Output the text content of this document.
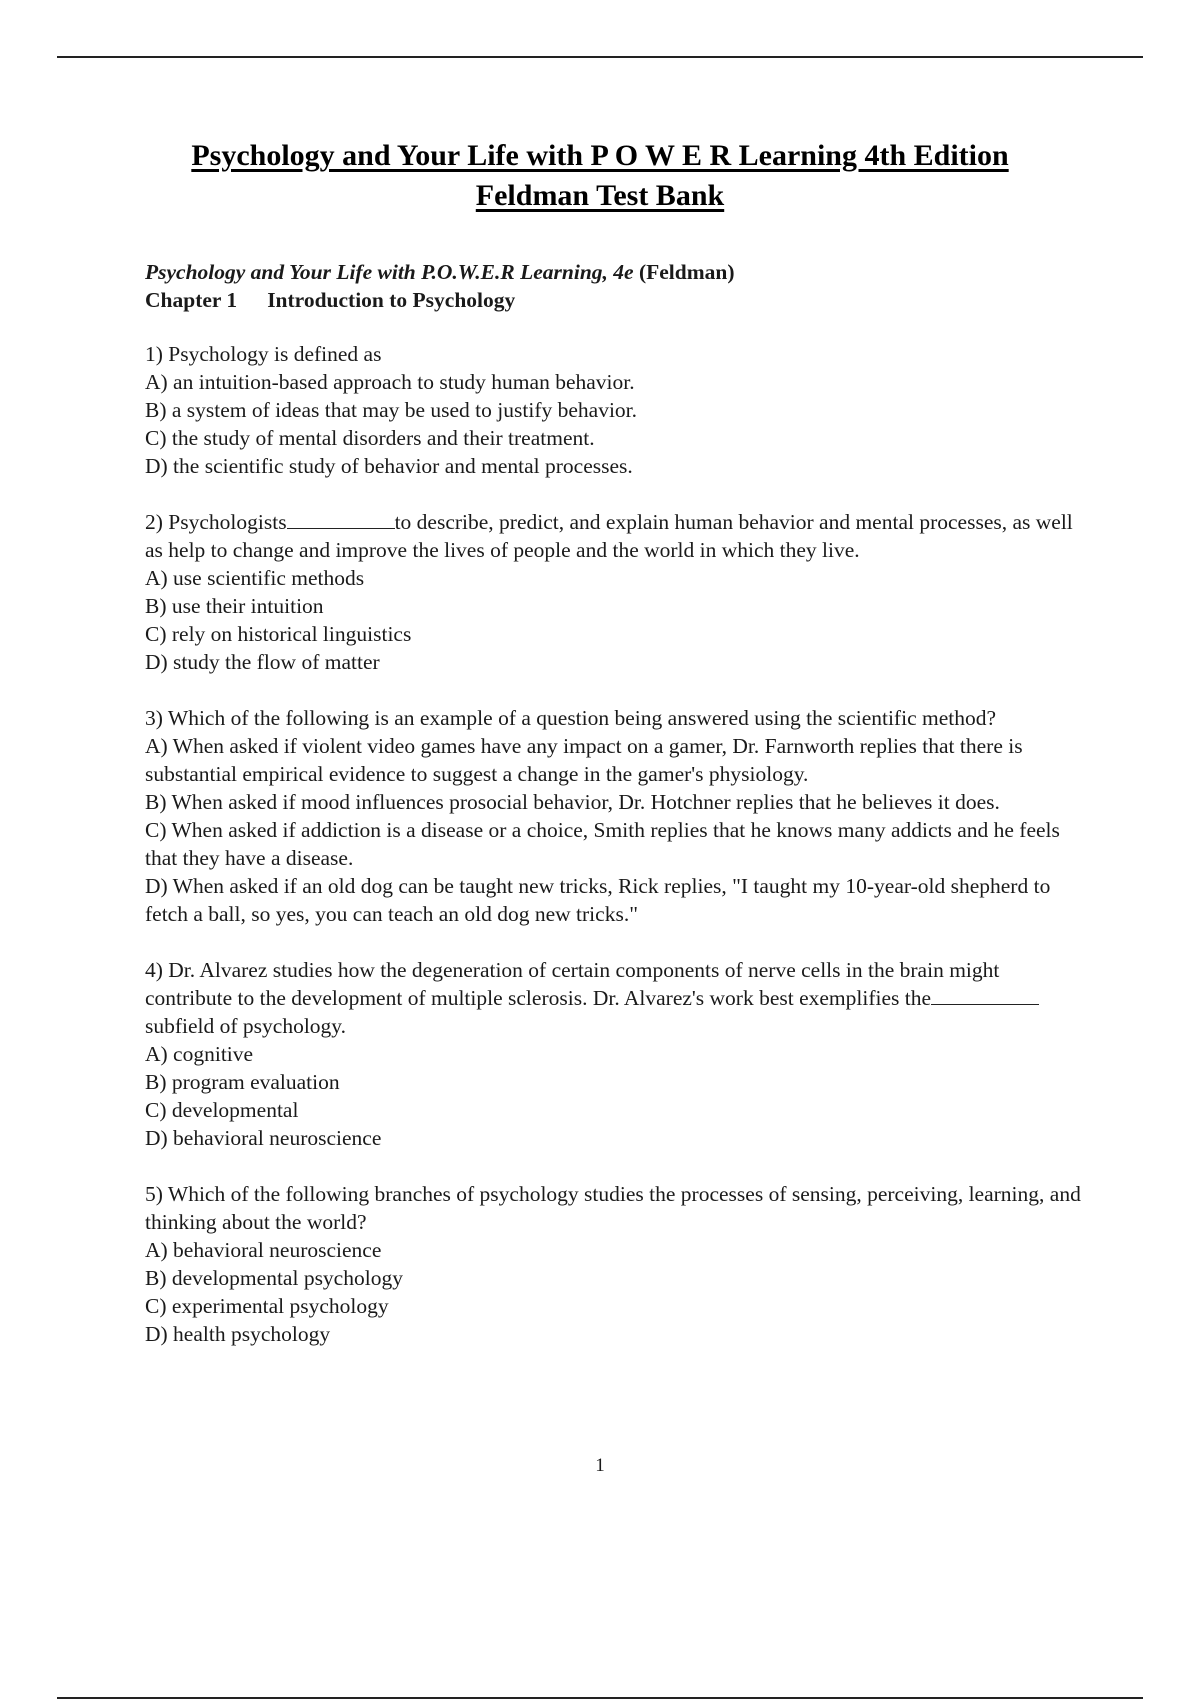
Psychology and Your Life with P O W E R Learning 4th Edition
Feldman Test Bank

Psychology and Your Life with P.O.W.E.R Learning, 4e (Feldman)

Chapter 1 Introduction to Psychology

1) Psychology is defined as

A) an intuition-based approach to study human behavior.

B) a system of ideas that may be used to justify behavior.

C) the study of mental disorders and their treatment.

D) the scientific study of behavior and mental processes.

2) Psychologists	to describe, predict, and explain human behavior and mental processes, as well as help to change and improve the lives of people and the world in which they live.

A) use scientific methods

B) use their intuition

C) rely on historical linguistics

D) study the flow of matter

3) Which of the following is an example of a question being answered using the scientific method?

A) When asked if violent video games have any impact on a gamer, Dr. Farnworth replies that there is substantial empirical evidence to suggest a change in the gamer's physiology.

B) When asked if mood influences prosocial behavior, Dr. Hotchner replies that he believes it does.

C) When asked if addiction is a disease or a choice, Smith replies that he knows many addicts and he feels that they have a disease.

D) When asked if an old dog can be taught new tricks, Rick replies, "I taught my 10-year-old shepherd to fetch a ball, so yes, you can teach an old dog new tricks."

4) Dr. Alvarez studies how the degeneration of certain components of nerve cells in the brain might contribute to the development of multiple sclerosis. Dr. Alvarez's work best exemplifies thesubfield of psychology.

A) cognitive

B) program evaluation

C) developmental

D) behavioral neuroscience

5) Which of the following branches of psychology studies the processes of sensing, perceiving, learning, and thinking about the world?

A) behavioral neuroscience

B) developmental psychology

C) experimental psychology

D) health psychology

1
